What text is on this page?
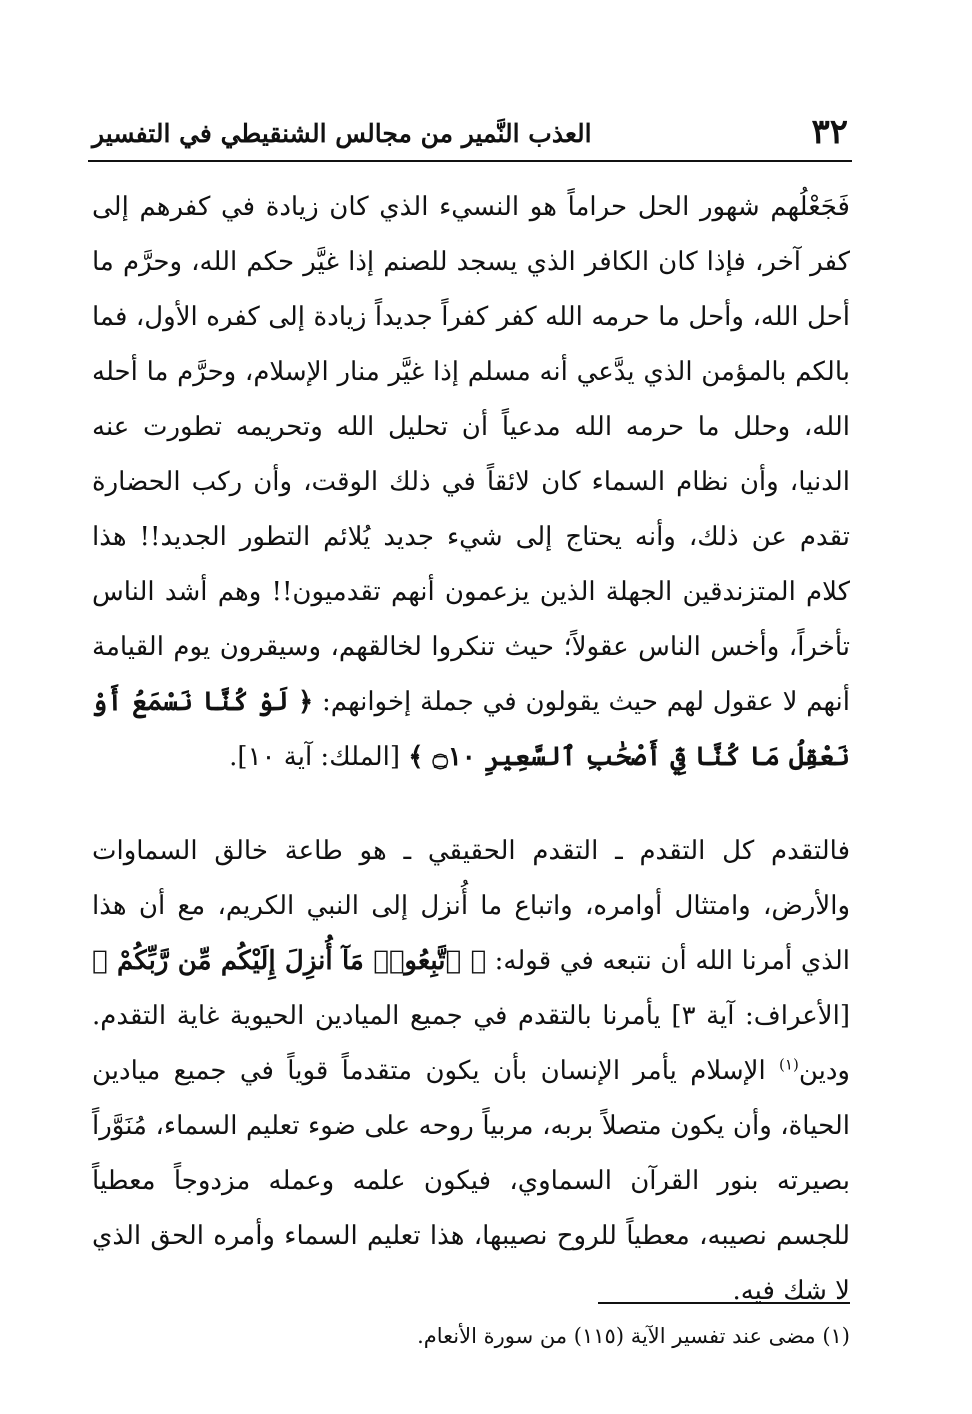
٣٢
العذب النَّمير من مجالس الشنقيطي في التفسير

فَجَعْلُهم شهور الحل حراماً هو النسيء الذي كان زيادة في كفرهم إلى كفر آخر، فإذا كان الكافر الذي يسجد للصنم إذا غيَّر حكم الله، وحرَّم ما أحل الله، وأحل ما حرمه الله كفر كفراً جديداً زيادة إلى كفره الأول، فما بالكم بالمؤمن الذي يدَّعي أنه مسلم إذا غيَّر منار الإسلام، وحرَّم ما أحله الله، وحلل ما حرمه الله مدعياً أن تحليل الله وتحريمه تطورت عنه الدنيا، وأن نظام السماء كان لائقاً في ذلك الوقت، وأن ركب الحضارة تقدم عن ذلك، وأنه يحتاج إلى شيء جديد يُلائم التطور الجديد!! هذا كلام المتزندقين الجهلة الذين يزعمون أنهم تقدميون!! وهم أشد الناس تأخراً، وأخس الناس عقولاً؛ حيث تنكروا لخالقهم، وسيقرون يوم القيامة أنهم لا عقول لهم حيث يقولون في جملة إخوانهم: ﴿ لَوْ كُنَّا نَسْمَعُ أَوْ نَعْقِلُ مَا كُنَّا فِيٓ أَصْحَٰبِ ٱلسَّعِيرِ ۝١٠ ﴾ [الملك: آية ١٠].

فالتقدم كل التقدم ـ التقدم الحقيقي ـ هو طاعة خالق السماوات والأرض، وامتثال أوامره، واتباع ما أُنزل إلى النبي الكريم، مع أن هذا الذي أمرنا الله أن نتبعه في قوله: ﴿ ٱتَّبِعُوا۟ مَآ أُنزِلَ إِلَيْكُم مِّن رَّبِّكُمْ ﴾ [الأعراف: آية ٣] يأمرنا بالتقدم في جميع الميادين الحيوية غاية التقدم. ودين$^{(١)}$ الإسلام يأمر الإنسان بأن يكون متقدماً قوياً في جميع ميادين الحياة، وأن يكون متصلاً بربه، مربياً روحه على ضوء تعليم السماء، مُنَوَّراً بصيرته بنور القرآن السماوي، فيكون علمه وعمله مزدوجاً معطياً للجسم نصيبه، معطياً للروح نصيبها، هذا تعليم السماء وأمره الحق الذي لا شك فيه.

(١) مضى عند تفسير الآية (١١٥) من سورة الأنعام.
